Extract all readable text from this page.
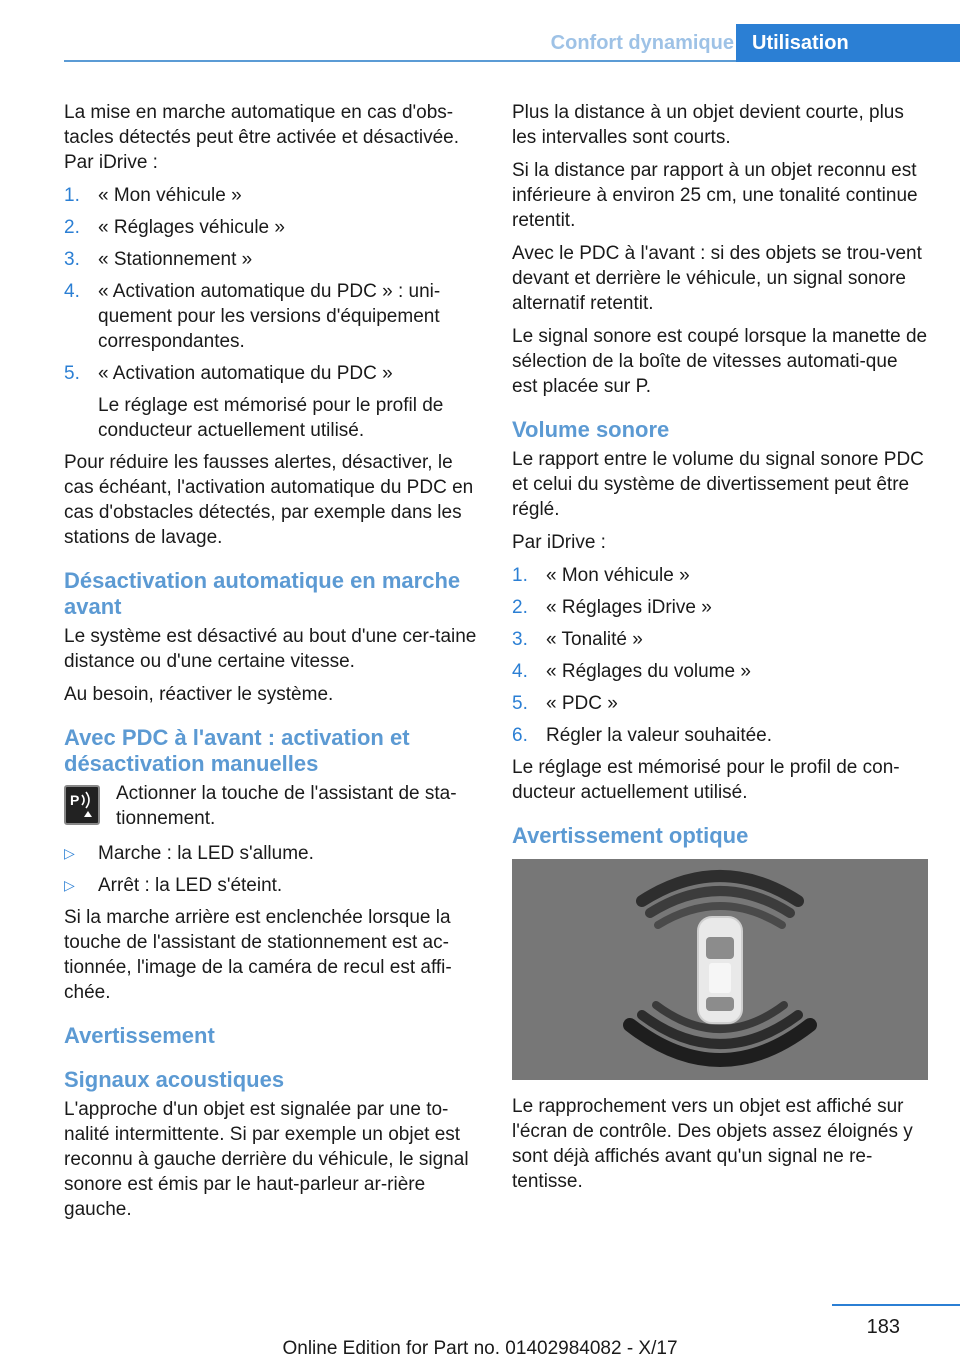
Confort dynamique Utilisation

La mise en marche automatique en cas d'obs-tacles détectés peut être activée et désactivée. Par iDrive :

1. « Mon véhicule »
2. « Réglages véhicule »
3. « Stationnement »
4. « Activation automatique du PDC » : uni-quement pour les versions d'équipement correspondantes.
5. « Activation automatique du PDC »
Le réglage est mémorisé pour le profil de conducteur actuellement utilisé.

Pour réduire les fausses alertes, désactiver, le cas échéant, l'activation automatique du PDC en cas d'obstacles détectés, par exemple dans les stations de lavage.

Désactivation automatique en marche avant

Le système est désactivé au bout d'une cer-taine distance ou d'une certaine vitesse.

Au besoin, réactiver le système.

Avec PDC à l'avant : activation et désactivation manuelles
P Actionner la touche de l'assistant de sta-tionnement.

▷	Marche : la LED s'allume.
▷	Arrêt : la LED s'éteint.

Si la marche arrière est enclenchée lorsque la touche de l'assistant de stationnement est ac-tionnée, l'image de la caméra de recul est affi-chée.

Avertissement
Signaux acoustiques

L'approche d'un objet est signalée par une to-nalité intermittente. Si par exemple un objet est reconnu à gauche derrière du véhicule, le signal sonore est émis par le haut-parleur ar-rière gauche.

Plus la distance à un objet devient courte, plus les intervalles sont courts.

Si la distance par rapport à un objet reconnu est inférieure à environ 25 cm, une tonalité continue retentit.

Avec le PDC à l'avant : si des objets se trou-vent devant et derrière le véhicule, un signal sonore alternatif retentit.

Le signal sonore est coupé lorsque la manette de sélection de la boîte de vitesses automati-que est placée sur P.

Volume sonore

Le rapport entre le volume du signal sonore PDC et celui du système de divertissement peut être réglé.

Par iDrive :

1. « Mon véhicule »
2. « Réglages iDrive »
3. « Tonalité »
4. « Réglages du volume »
5. « PDC »
6. Régler la valeur souhaitée.

Le réglage est mémorisé pour le profil de con-ducteur actuellement utilisé.

Avertissement optique

Le rapprochement vers un objet est affiché sur l'écran de contrôle. Des objets assez éloignés y sont déjà affichés avant qu'un signal ne re-tentisse.

183
Online Edition for Part no. 01402984082 - X/17
